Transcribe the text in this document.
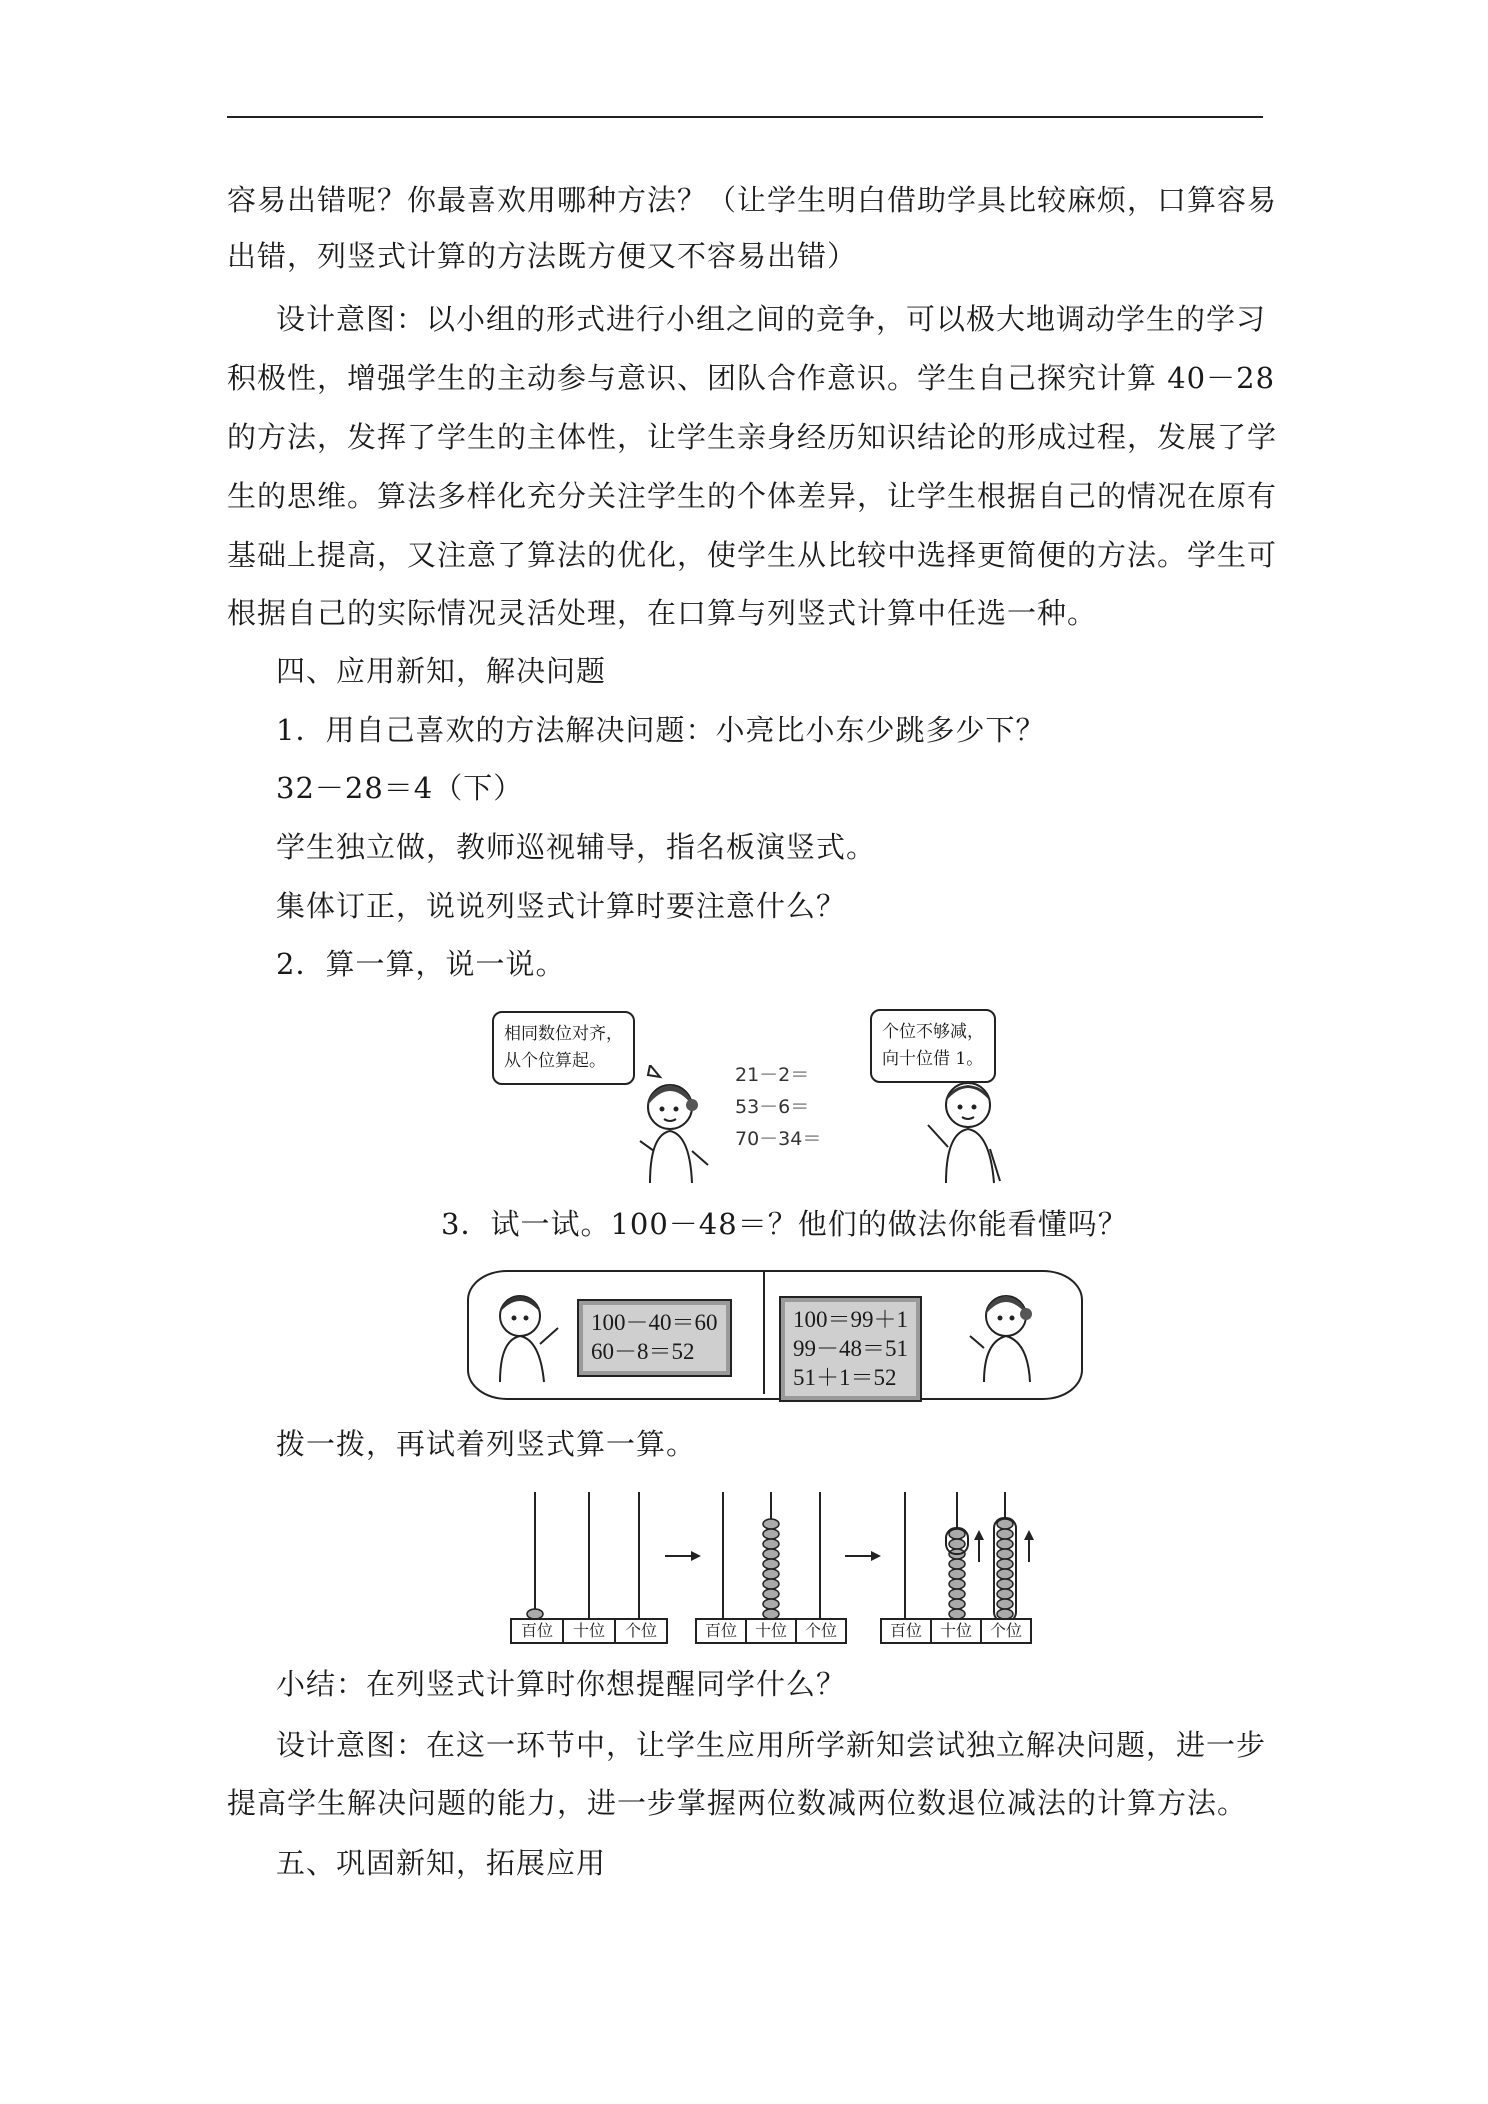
容易出错呢？你最喜欢用哪种方法？（让学生明白借助学具比较麻烦，口算容易
出错，列竖式计算的方法既方便又不容易出错）
设计意图：以小组的形式进行小组之间的竞争，可以极大地调动学生的学习
积极性，增强学生的主动参与意识、团队合作意识。学生自己探究计算 40－28
的方法，发挥了学生的主体性，让学生亲身经历知识结论的形成过程，发展了学
生的思维。算法多样化充分关注学生的个体差异，让学生根据自己的情况在原有
基础上提高，又注意了算法的优化，使学生从比较中选择更简便的方法。学生可
根据自己的实际情况灵活处理，在口算与列竖式计算中任选一种。
四、应用新知，解决问题
1．用自己喜欢的方法解决问题：小亮比小东少跳多少下？
32－28＝4（下）
学生独立做，教师巡视辅导，指名板演竖式。
集体订正，说说列竖式计算时要注意什么？
2．算一算，说一说。
相同数位对齐，
从个位算起。
21－2＝
53－6＝
70－34＝
个位不够减，
向十位借 1。
3．试一试。100－48＝？他们的做法你能看懂吗？
100－40＝60
60－8＝52
100＝99＋1
99－48＝51
51＋1＝52
拨一拨，再试着列竖式算一算。
百位	十位	个位	百位	十位	个位	百位	十位	个位
小结：在列竖式计算时你想提醒同学什么？
设计意图：在这一环节中，让学生应用所学新知尝试独立解决问题，进一步
提高学生解决问题的能力，进一步掌握两位数减两位数退位减法的计算方法。
五、巩固新知，拓展应用
